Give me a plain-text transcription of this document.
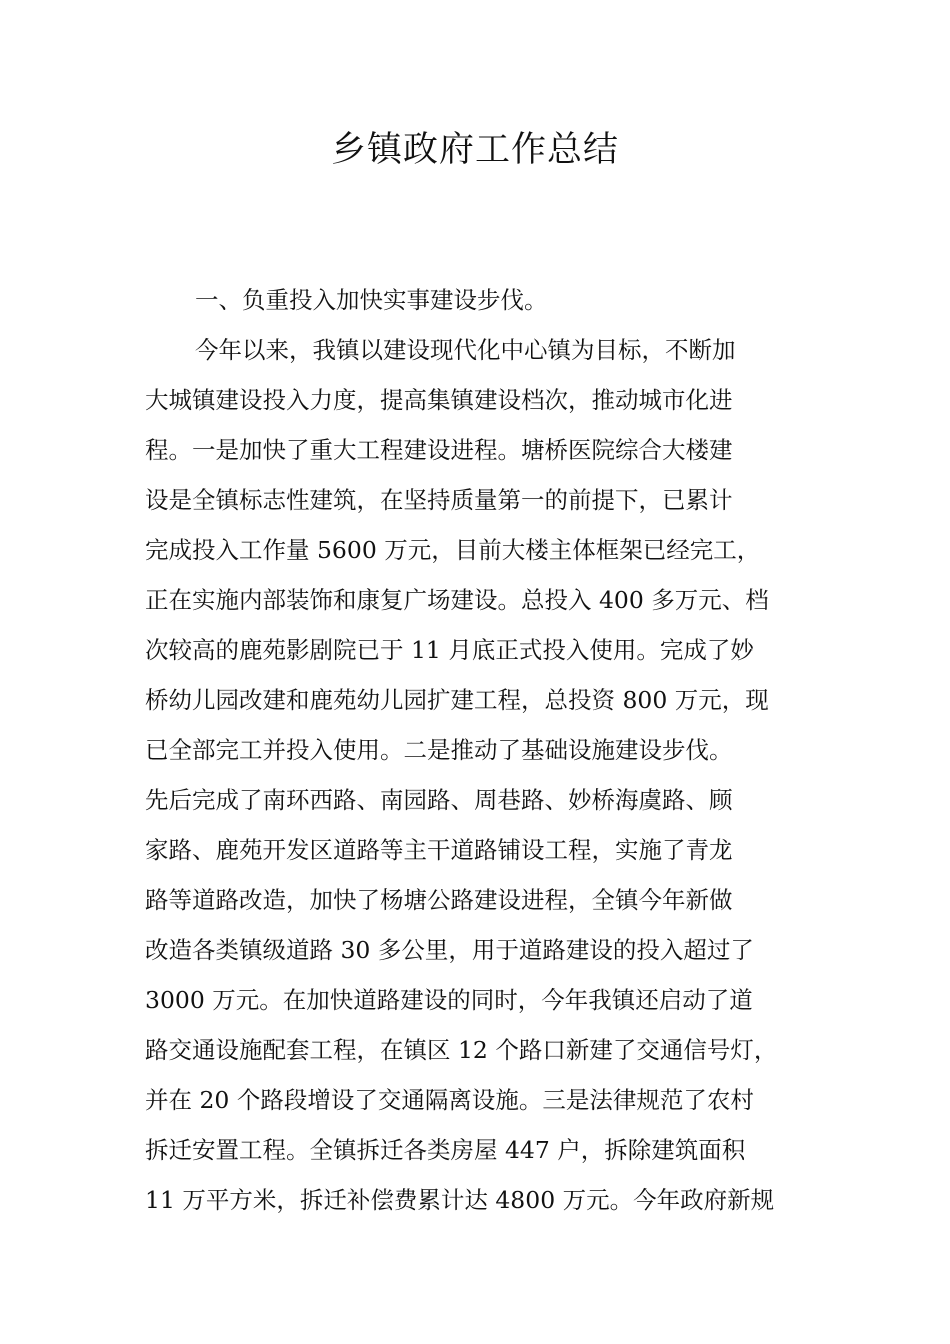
乡镇政府工作总结
一、负重投入加快实事建设步伐。
今年以来，我镇以建设现代化中心镇为目标，不断加
大城镇建设投入力度，提高集镇建设档次，推动城市化进
程。一是加快了重大工程建设进程。塘桥医院综合大楼建
设是全镇标志性建筑，在坚持质量第一的前提下，已累计
完成投入工作量 5600 万元，目前大楼主体框架已经完工，
正在实施内部装饰和康复广场建设。总投入 400 多万元、档
次较高的鹿苑影剧院已于 11 月底正式投入使用。完成了妙
桥幼儿园改建和鹿苑幼儿园扩建工程，总投资 800 万元，现
已全部完工并投入使用。二是推动了基础设施建设步伐。
先后完成了南环西路、南园路、周巷路、妙桥海虞路、顾
家路、鹿苑开发区道路等主干道路铺设工程，实施了青龙
路等道路改造，加快了杨塘公路建设进程，全镇今年新做
改造各类镇级道路 30 多公里，用于道路建设的投入超过了
3000 万元。在加快道路建设的同时，今年我镇还启动了道
路交通设施配套工程，在镇区 12 个路口新建了交通信号灯，
并在 20 个路段增设了交通隔离设施。三是法律规范了农村
拆迁安置工程。全镇拆迁各类房屋 447 户，拆除建筑面积
11 万平方米，拆迁补偿费累计达 4800 万元。今年政府新规
